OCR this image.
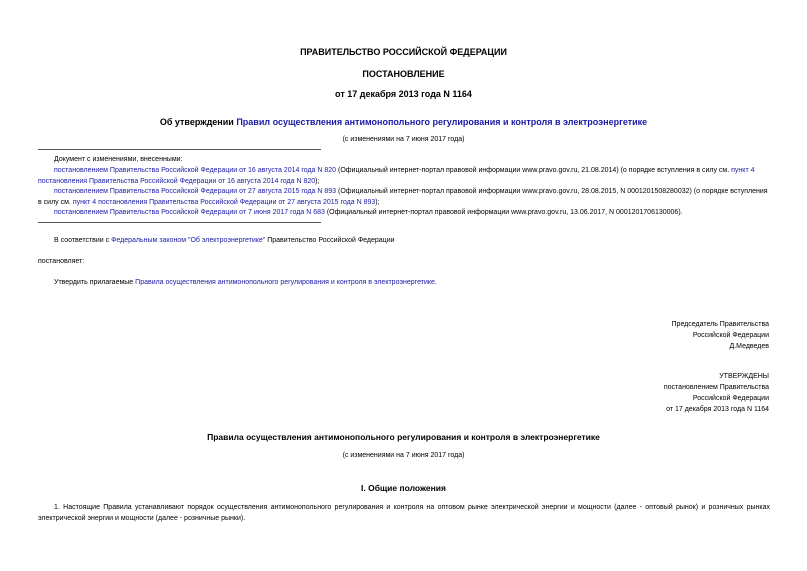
ПРАВИТЕЛЬСТВО РОССИЙСКОЙ ФЕДЕРАЦИИ
ПОСТАНОВЛЕНИЕ
от 17 декабря 2013 года N 1164
Об утверждении Правил осуществления антимонопольного регулирования и контроля в электроэнергетике
(с изменениями на 7 июня 2017 года)
Документ с изменениями, внесенными:
постановлением Правительства Российской Федерации от 16 августа 2014 года N 820 (Официальный интернет-портал правовой информации www.pravo.gov.ru, 21.08.2014) (о порядке вступления в силу см. пункт 4 постановления Правительства Российской Федерации от 16 августа 2014 года N 820);
постановлением Правительства Российской Федерации от 27 августа 2015 года N 893 (Официальный интернет-портал правовой информации www.pravo.gov.ru, 28.08.2015, N 0001201508280032) (о порядке вступления в силу см. пункт 4 постановления Правительства Российской Федерации от 27 августа 2015 года N 893);
постановлением Правительства Российской Федерации от 7 июня 2017 года N 683 (Официальный интернет-портал правовой информации www.pravo.gov.ru, 13.06.2017, N 0001201706130006).
В соответствии с Федеральным законом "Об электроэнергетике" Правительство Российской Федерации
постановляет:
Утвердить прилагаемые Правила осуществления антимонопольного регулирования и контроля в электроэнергетике.
Председатель Правительства
Российской Федерации
Д.Медведев
УТВЕРЖДЕНЫ
постановлением Правительства
Российской Федерации
от 17 декабря 2013 года N 1164
Правила осуществления антимонопольного регулирования и контроля в электроэнергетике
(с изменениями на 7 июня 2017 года)
I. Общие положения
1. Настоящие Правила устанавливают порядок осуществления антимонопольного регулирования и контроля на оптовом рынке электрической энергии и мощности (далее - оптовый рынок) и розничных рынках электрической энергии и мощности (далее - розничные рынки).
